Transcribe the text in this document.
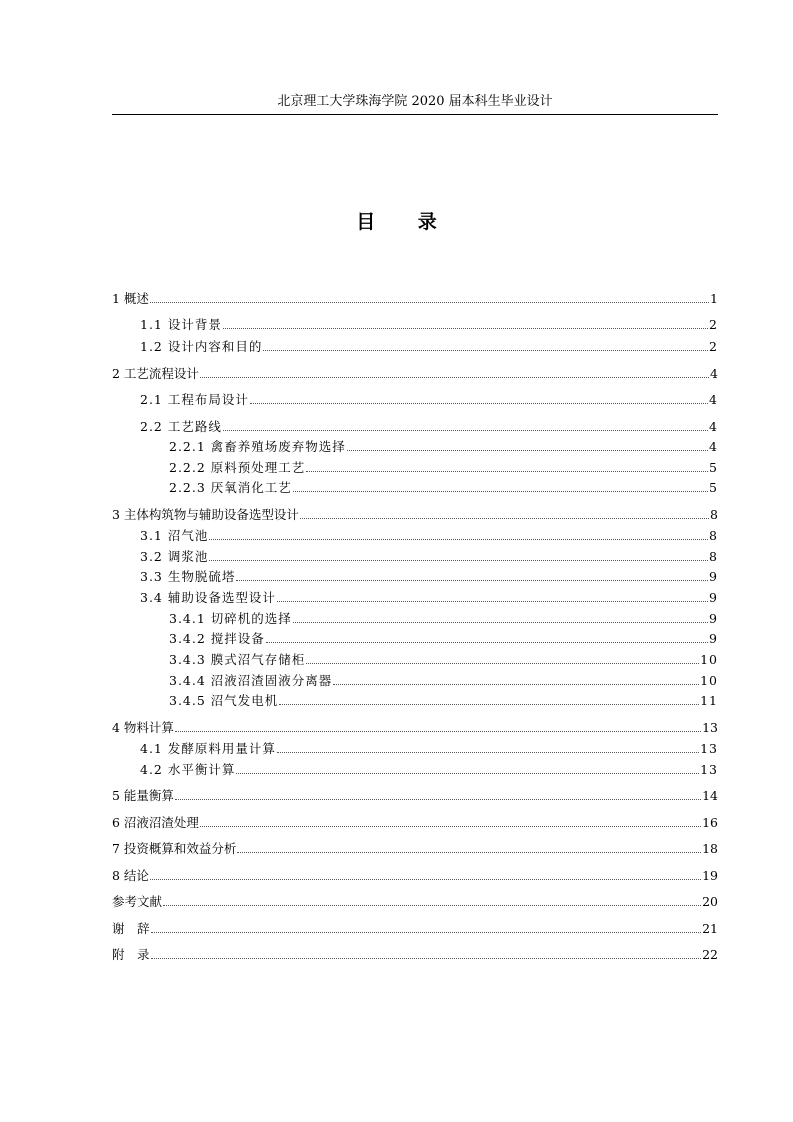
北京理工大学珠海学院 2020 届本科生毕业设计
目 录
1 概述	1
1.1 设计背景	2
1.2 设计内容和目的	2
2 工艺流程设计	4
2.1 工程布局设计	4
2.2 工艺路线	4
2.2.1 禽畜养殖场废弃物选择	4
2.2.2 原料预处理工艺	5
2.2.3 厌氧消化工艺	5
3 主体构筑物与辅助设备选型设计	8
3.1 沼气池	8
3.2 调浆池	8
3.3 生物脱硫塔	9
3.4 辅助设备选型设计	9
3.4.1 切碎机的选择	9
3.4.2 搅拌设备	9
3.4.3 膜式沼气存储柜	10
3.4.4 沼液沼渣固液分离器	10
3.4.5 沼气发电机	11
4 物料计算	13
4.1 发酵原料用量计算	13
4.2 水平衡计算	13
5 能量衡算	14
6 沼液沼渣处理	16
7 投资概算和效益分析	18
8 结论	19
参考文献	20
谢　辞	21
附　录	22
